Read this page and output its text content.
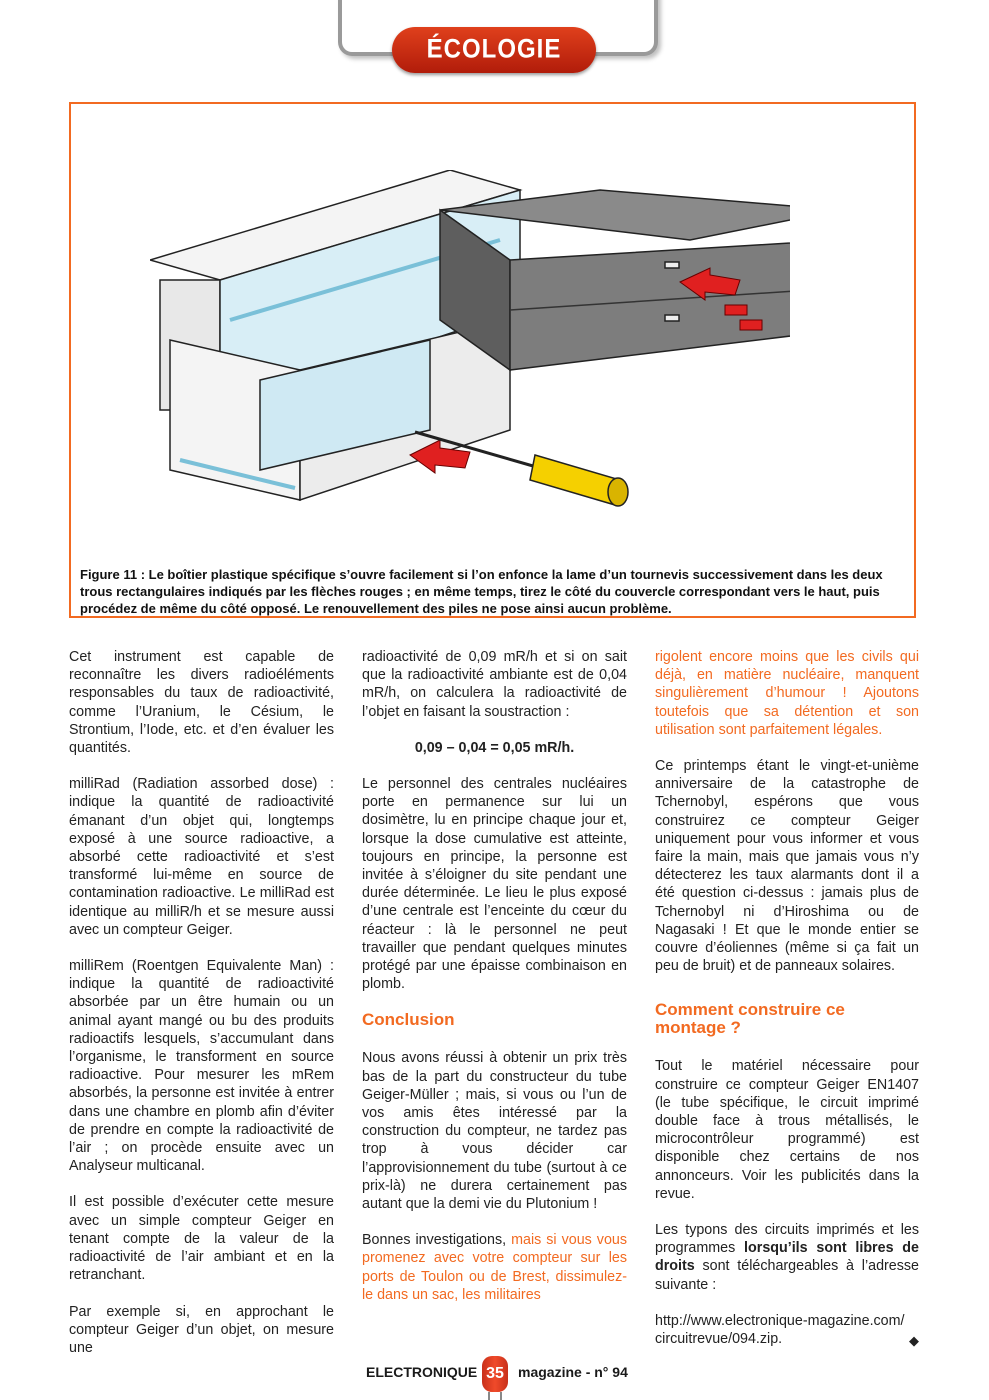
ÉCOLOGIE
Figure 11 : Le boîtier plastique spécifique s’ouvre facilement si l’on enfonce la lame d’un tournevis successivement dans les deux trous rectangulaires indiqués par les flèches rouges ; en même temps, tirez le côté du couvercle correspondant vers le haut, puis procédez de même du côté opposé. Le renouvellement des piles ne pose ainsi aucun problème.

Cet instrument est capable de reconnaître les divers radioéléments responsables du taux de radioactivité, comme l’Uranium, le Césium, le Strontium, l’Iode, etc. et d’en évaluer les quantités.

milliRad (Radiation assorbed dose) : indique la quantité de radioactivité émanant d’un objet qui, longtemps exposé à une source radioactive, a absorbé cette radioactivité et s’est transformé lui-même en source de contamination radioactive. Le milliRad est identique au milliR/h et se mesure aussi avec un compteur Geiger.

milliRem (Roentgen Equivalente Man) : indique la quantité de radioactivité absorbée par un être humain ou un animal ayant mangé ou bu des produits radioactifs lesquels, s’accumulant dans l’organisme, le transforment en source radioactive. Pour mesurer les mRem absorbés, la personne est invitée à entrer dans une chambre en plomb afin d’éviter de prendre en compte la radioactivité de l’air ; on procède ensuite avec un Analyseur multicanal.

Il est possible d’exécuter cette mesure avec un simple compteur Geiger en tenant compte de la valeur de la radioactivité de l’air ambiant et en la retranchant.

Par exemple si, en approchant le compteur Geiger d’un objet, on mesure une

radioactivité de 0,09 mR/h et si on sait que la radioactivité ambiante est de 0,04 mR/h, on calculera la radioactivité de l’objet en faisant la soustraction :

0,09 – 0,04 = 0,05 mR/h.

Le personnel des centrales nucléaires porte en permanence sur lui un dosimètre, lu en principe chaque jour et, lorsque la dose cumulative est atteinte, toujours en principe, la personne est invitée à s’éloigner du site pendant une durée déterminée. Le lieu le plus exposé d’une centrale est l’enceinte du cœur du réacteur : là le personnel ne peut travailler que pendant quelques minutes protégé par une épaisse combinaison en plomb.

Conclusion

Nous avons réussi à obtenir un prix très bas de la part du constructeur du tube Geiger-Müller ; mais, si vous ou l’un de vos amis êtes intéressé par la construction du compteur, ne tardez pas trop à vous décider car l’approvisionnement du tube (surtout à ce prix-là) ne durera certainement pas autant que la demi vie du Plutonium !

Bonnes investigations, mais si vous vous promenez avec votre compteur sur les ports de Toulon ou de Brest, dissimulez-le dans un sac, les militaires

rigolent encore moins que les civils qui déjà, en matière nucléaire, manquent singulièrement d’humour ! Ajoutons toutefois que sa détention et son utilisation sont parfaitement légales.

Ce printemps étant le vingt-et-unième anniversaire de la catastrophe de Tchernobyl, espérons que vous construirez ce compteur Geiger uniquement pour vous informer et vous faire la main, mais que jamais vous n’y détecterez les taux alarmants dont il a été question ci-dessus : jamais plus de Tchernobyl ni d’Hiroshima ou de Nagasaki ! Et que le monde entier se couvre d’éoliennes (même si ça fait un peu de bruit) et de panneaux solaires.

Comment construire ce montage ?

Tout le matériel nécessaire pour construire ce compteur Geiger EN1407 (le tube spécifique, le circuit imprimé double face à trous métallisés, le microcontrôleur programmé) est disponible chez certains de nos annonceurs. Voir les publicités dans la revue.

Les typons des circuits imprimés et les programmes lorsqu’ils sont libres de droits sont téléchargeables à l’adresse suivante :

http://www.electronique-magazine.com/ circuitrevue/094.zip.	◆

ELECTRONIQUE 35 magazine - n° 94
